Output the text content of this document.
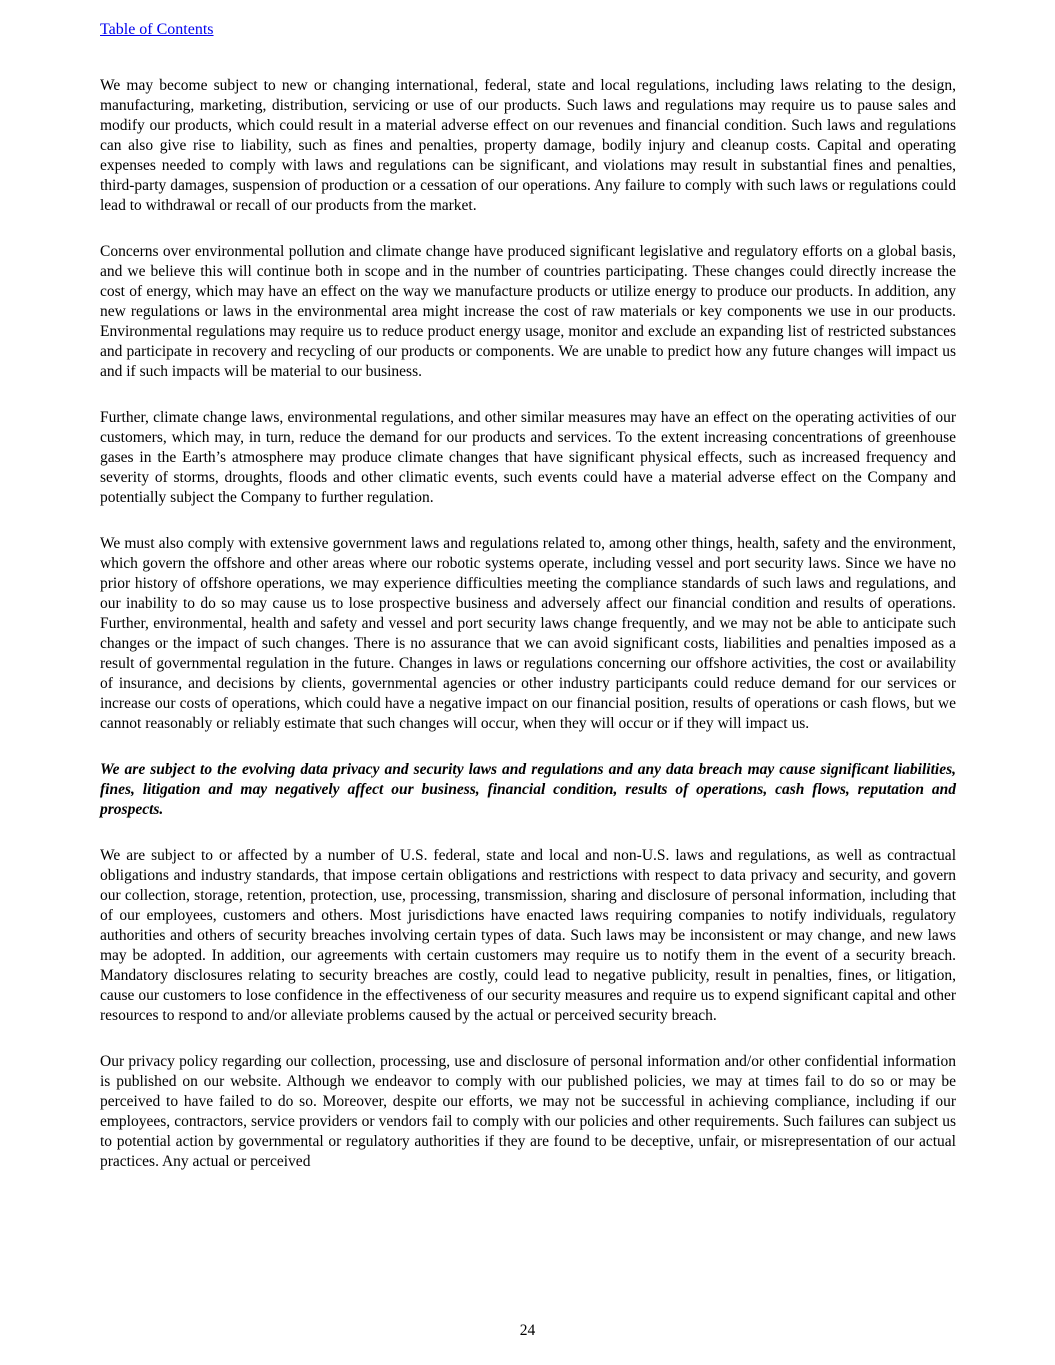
Table of Contents

We may become subject to new or changing international, federal, state and local regulations, including laws relating to the design, manufacturing, marketing, distribution, servicing or use of our products. Such laws and regulations may require us to pause sales and modify our products, which could result in a material adverse effect on our revenues and financial condition. Such laws and regulations can also give rise to liability, such as fines and penalties, property damage, bodily injury and cleanup costs. Capital and operating expenses needed to comply with laws and regulations can be significant, and violations may result in substantial fines and penalties, third-party damages, suspension of production or a cessation of our operations. Any failure to comply with such laws or regulations could lead to withdrawal or recall of our products from the market.

Concerns over environmental pollution and climate change have produced significant legislative and regulatory efforts on a global basis, and we believe this will continue both in scope and in the number of countries participating. These changes could directly increase the cost of energy, which may have an effect on the way we manufacture products or utilize energy to produce our products. In addition, any new regulations or laws in the environmental area might increase the cost of raw materials or key components we use in our products. Environmental regulations may require us to reduce product energy usage, monitor and exclude an expanding list of restricted substances and participate in recovery and recycling of our products or components. We are unable to predict how any future changes will impact us and if such impacts will be material to our business.

Further, climate change laws, environmental regulations, and other similar measures may have an effect on the operating activities of our customers, which may, in turn, reduce the demand for our products and services. To the extent increasing concentrations of greenhouse gases in the Earth’s atmosphere may produce climate changes that have significant physical effects, such as increased frequency and severity of storms, droughts, floods and other climatic events, such events could have a material adverse effect on the Company and potentially subject the Company to further regulation.

We must also comply with extensive government laws and regulations related to, among other things, health, safety and the environment, which govern the offshore and other areas where our robotic systems operate, including vessel and port security laws. Since we have no prior history of offshore operations, we may experience difficulties meeting the compliance standards of such laws and regulations, and our inability to do so may cause us to lose prospective business and adversely affect our financial condition and results of operations. Further, environmental, health and safety and vessel and port security laws change frequently, and we may not be able to anticipate such changes or the impact of such changes. There is no assurance that we can avoid significant costs, liabilities and penalties imposed as a result of governmental regulation in the future. Changes in laws or regulations concerning our offshore activities, the cost or availability of insurance, and decisions by clients, governmental agencies or other industry participants could reduce demand for our services or increase our costs of operations, which could have a negative impact on our financial position, results of operations or cash flows, but we cannot reasonably or reliably estimate that such changes will occur, when they will occur or if they will impact us.

We are subject to the evolving data privacy and security laws and regulations and any data breach may cause significant liabilities, fines, litigation and may negatively affect our business, financial condition, results of operations, cash flows, reputation and prospects.

We are subject to or affected by a number of U.S. federal, state and local and non-U.S. laws and regulations, as well as contractual obligations and industry standards, that impose certain obligations and restrictions with respect to data privacy and security, and govern our collection, storage, retention, protection, use, processing, transmission, sharing and disclosure of personal information, including that of our employees, customers and others. Most jurisdictions have enacted laws requiring companies to notify individuals, regulatory authorities and others of security breaches involving certain types of data. Such laws may be inconsistent or may change, and new laws may be adopted. In addition, our agreements with certain customers may require us to notify them in the event of a security breach. Mandatory disclosures relating to security breaches are costly, could lead to negative publicity, result in penalties, fines, or litigation, cause our customers to lose confidence in the effectiveness of our security measures and require us to expend significant capital and other resources to respond to and/or alleviate problems caused by the actual or perceived security breach.

Our privacy policy regarding our collection, processing, use and disclosure of personal information and/or other confidential information is published on our website. Although we endeavor to comply with our published policies, we may at times fail to do so or may be perceived to have failed to do so. Moreover, despite our efforts, we may not be successful in achieving compliance, including if our employees, contractors, service providers or vendors fail to comply with our policies and other requirements. Such failures can subject us to potential action by governmental or regulatory authorities if they are found to be deceptive, unfair, or misrepresentation of our actual practices. Any actual or perceived

24
